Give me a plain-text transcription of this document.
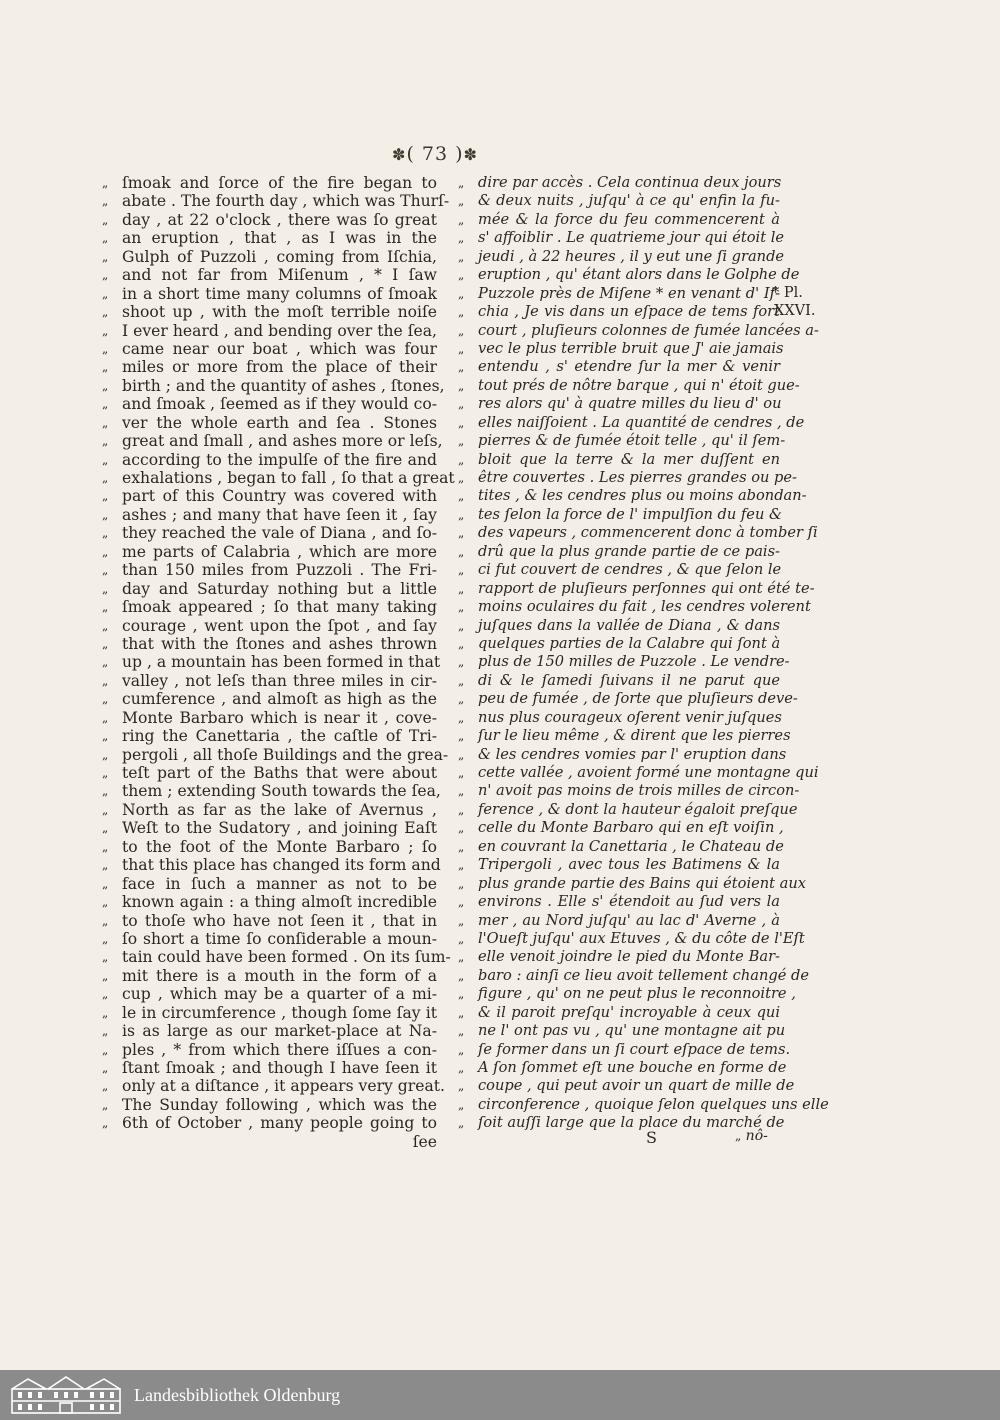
✽( 73 )✽
„ ſmoak and ſorce of the fire began to
„ abate . The fourth day , which was Thurſ-
„ day , at 22 o'clock , there was ſo great
„ an eruption , that , as I was in the
„ Gulph of Puzzoli , coming from Iſchia,
„ and not far from Miſenum , * I ſaw
„ in a short time many columns of ſmoak
„ shoot up , with the moſt terrible noiſe
„ I ever heard , and bending over the ſea,
„ came near our boat , which was four
„ miles or more from the place of their
„ birth ; and the quantity of ashes , ſtones,
„ and ſmoak , ſeemed as if they would co-
„ ver the whole earth and ſea . Stones
„ great and ſmall , and ashes more or leſs,
„ according to the impulſe of the fire and
„ exhalations , began to fall , ſo that a great
„ part of this Country was covered with
„ ashes ; and many that have ſeen it , ſay
„ they reached the vale of Diana , and ſo-
„ me parts of Calabria , which are more
„ than 150 miles from Puzzoli . The Fri-
„ day and Saturday nothing but a little
„ ſmoak appeared ; ſo that many taking
„ courage , went upon the ſpot , and ſay
„ that with the ſtones and ashes thrown
„ up , a mountain has been formed in that
„ valley , not leſs than three miles in cir-
„ cumference , and almoſt as high as the
„ Monte Barbaro which is near it , cove-
„ ring the Canettaria , the caſtle of Tri-
„ pergoli , all thoſe Buildings and the grea-
„ teſt part of the Baths that were about
„ them ; extending South towards the ſea,
„ North as far as the lake of Avernus ,
„ Weſt to the Sudatory , and joining Eaſt
„ to the foot of the Monte Barbaro ; ſo
„ that this place has changed its form and
„ face in ſuch a manner as not to be
„ known again : a thing almoſt incredible
„ to thoſe who have not ſeen it , that in
„ ſo short a time ſo conſiderable a moun-
„ tain could have been formed . On its ſum-
„ mit there is a mouth in the form of a
„ cup , which may be a quarter of a mi-
„ le in circumference , though ſome ſay it
„ is as large as our market-place at Na-
„ ples , * from which there iſſues a con-
„ ſtant ſmoak ; and though I have ſeen it
„ only at a diſtance , it appears very great.
„ The Sunday following , which was the
„ 6th of October , many people going to
ſee
„ dire par accès . Cela continua deux jours
„ & deux nuits , juſqu' à ce qu' enfin la fu-
„ mée & la force du feu commencerent à
„ s' affoiblir . Le quatrieme jour qui étoit le
„ jeudi , à 22 heures , il y eut une ſi grande
„ eruption , qu' étant alors dans le Golphe de
„ Puzzole près de Miſene * en venant d' Iſ-
„ chia , Je vis dans un eſpace de tems fort
„ court , pluſieurs colonnes de fumée lancées a-
„ vec le plus terrible bruit que J' aie jamais
„ entendu , s' etendre ſur la mer & venir
„ tout prés de nôtre barque , qui n' étoit gue-
„ res alors qu' à quatre milles du lieu d' ou
„ elles naiſſoient . La quantité de cendres , de
„ pierres & de fumée étoit telle , qu' il ſem-
„ bloit que la terre & la mer duſſent en
„ être couvertes . Les pierres grandes ou pe-
„ tites , & les cendres plus ou moins abondan-
„ tes ſelon la force de l' impulſion du feu &
„ des vapeurs , commencerent donc à tomber ſi
„ drû que la plus grande partie de ce pais-
„ ci fut couvert de cendres , & que ſelon le
„ rapport de pluſieurs perſonnes qui ont été te-
„ moins oculaires du fait , les cendres volerent
„ juſques dans la vallée de Diana , & dans
„ quelques parties de la Calabre qui ſont à
„ plus de 150 milles de Puzzole . Le vendre-
„ di & le ſamedi ſuivans il ne parut que
„ peu de fumée , de ſorte que pluſieurs deve-
„ nus plus courageux oſerent venir juſques
„ ſur le lieu même , & dirent que les pierres
„ & les cendres vomies par l' eruption dans
„ cette vallée , avoient formé une montagne qui
„ n' avoit pas moins de trois milles de circon-
„ ference , & dont la hauteur égaloit preſque
„ celle du Monte Barbaro qui en eſt voiſin ,
„ en couvrant la Canettaria , le Chateau de
„ Tripergoli , avec tous les Batimens & la
„ plus grande partie des Bains qui étoient aux
„ environs . Elle s' étendoit au ſud vers la
„ mer , au Nord juſqu' au lac d' Averne , à
„ l'Oueſt juſqu' aux Etuves , & du côte de l'Eſt
„ elle venoit joindre le pied du Monte Bar-
„ baro : ainſi ce lieu avoit tellement changé de
„ figure , qu' on ne peut plus le reconnoitre ,
„ & il paroit preſqu' incroyable à ceux qui
„ ne l' ont pas vu , qu' une montagne ait pu
„ ſe former dans un ſi court eſpace de tems.
„ A ſon ſommet eſt une bouche en forme de
„ coupe , qui peut avoir un quart de mille de
„ circonference , quoique ſelon quelques uns elle
„ ſoit auſſi large que la place du marché de
* Pl.
XXVI.
S	„ nô-
Landesbibliothek Oldenburg
